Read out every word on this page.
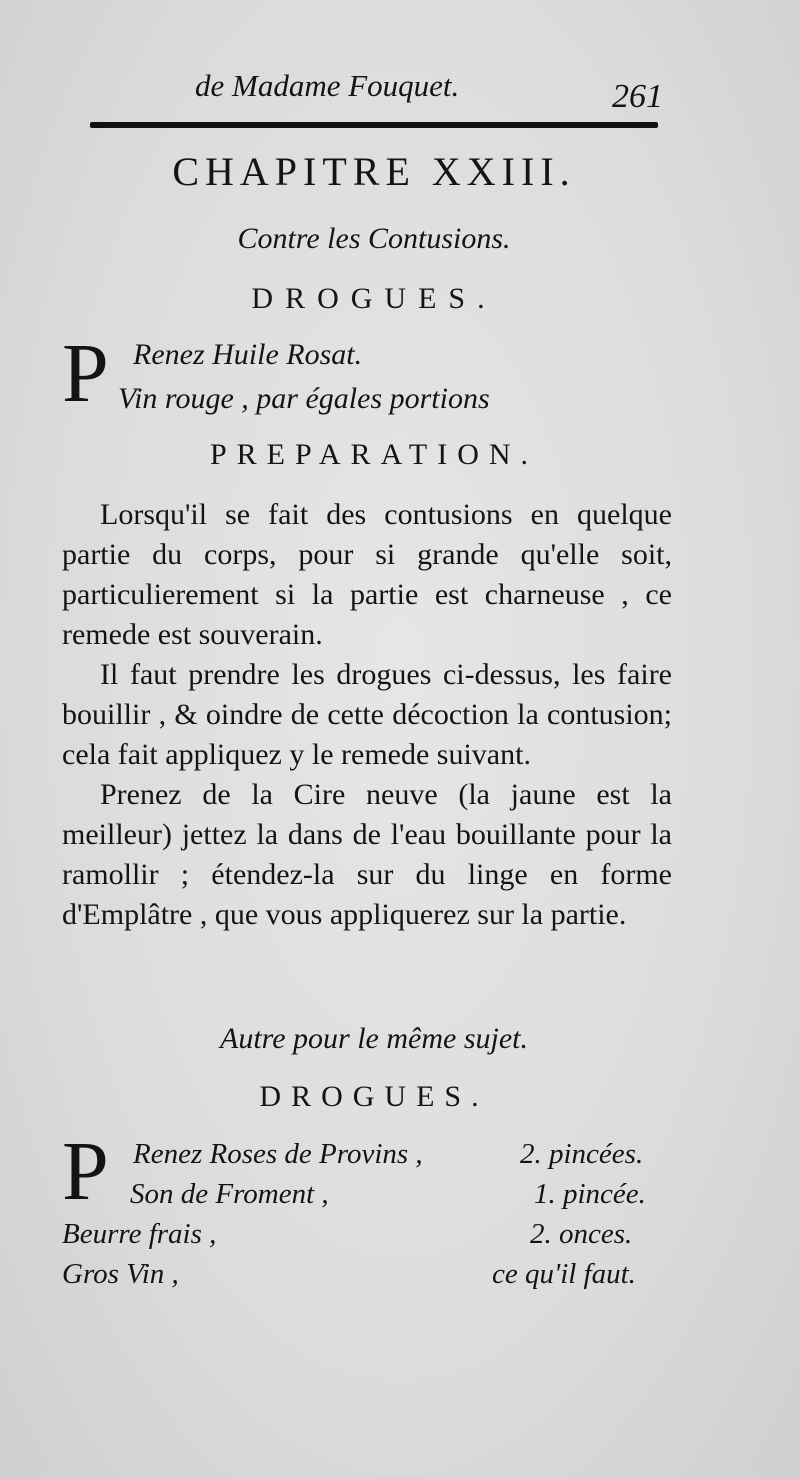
de Madame Fouquet.	261
CHAPITRE XXIII.
Contre les Contusions.
DROGUES.
P Renez Huile Rosat.
Vin rouge , par égales portions
PREPARATION.

Lorsqu'il se fait des contusions en quelque partie du corps, pour si grande qu'elle soit, particulierement si la partie est charneuse , ce remede est souverain.

Il faut prendre les drogues ci-dessus, les faire bouillir , & oindre de cette décoction la contusion; cela fait appliquez y le remede suivant.

Prenez de la Cire neuve (la jaune est la meilleur) jettez la dans de l'eau bouillante pour la ramollir ; étendez-la sur du linge en forme d'Emplâtre , que vous appliquerez sur la partie.

Autre pour le même sujet.
DROGUES.
P Renez Roses de Provins ,	2. pincées.
Son de Froment ,	1. pincée.
Beurre frais ,	2. onces.
Gros Vin ,	ce qu'il faut.
